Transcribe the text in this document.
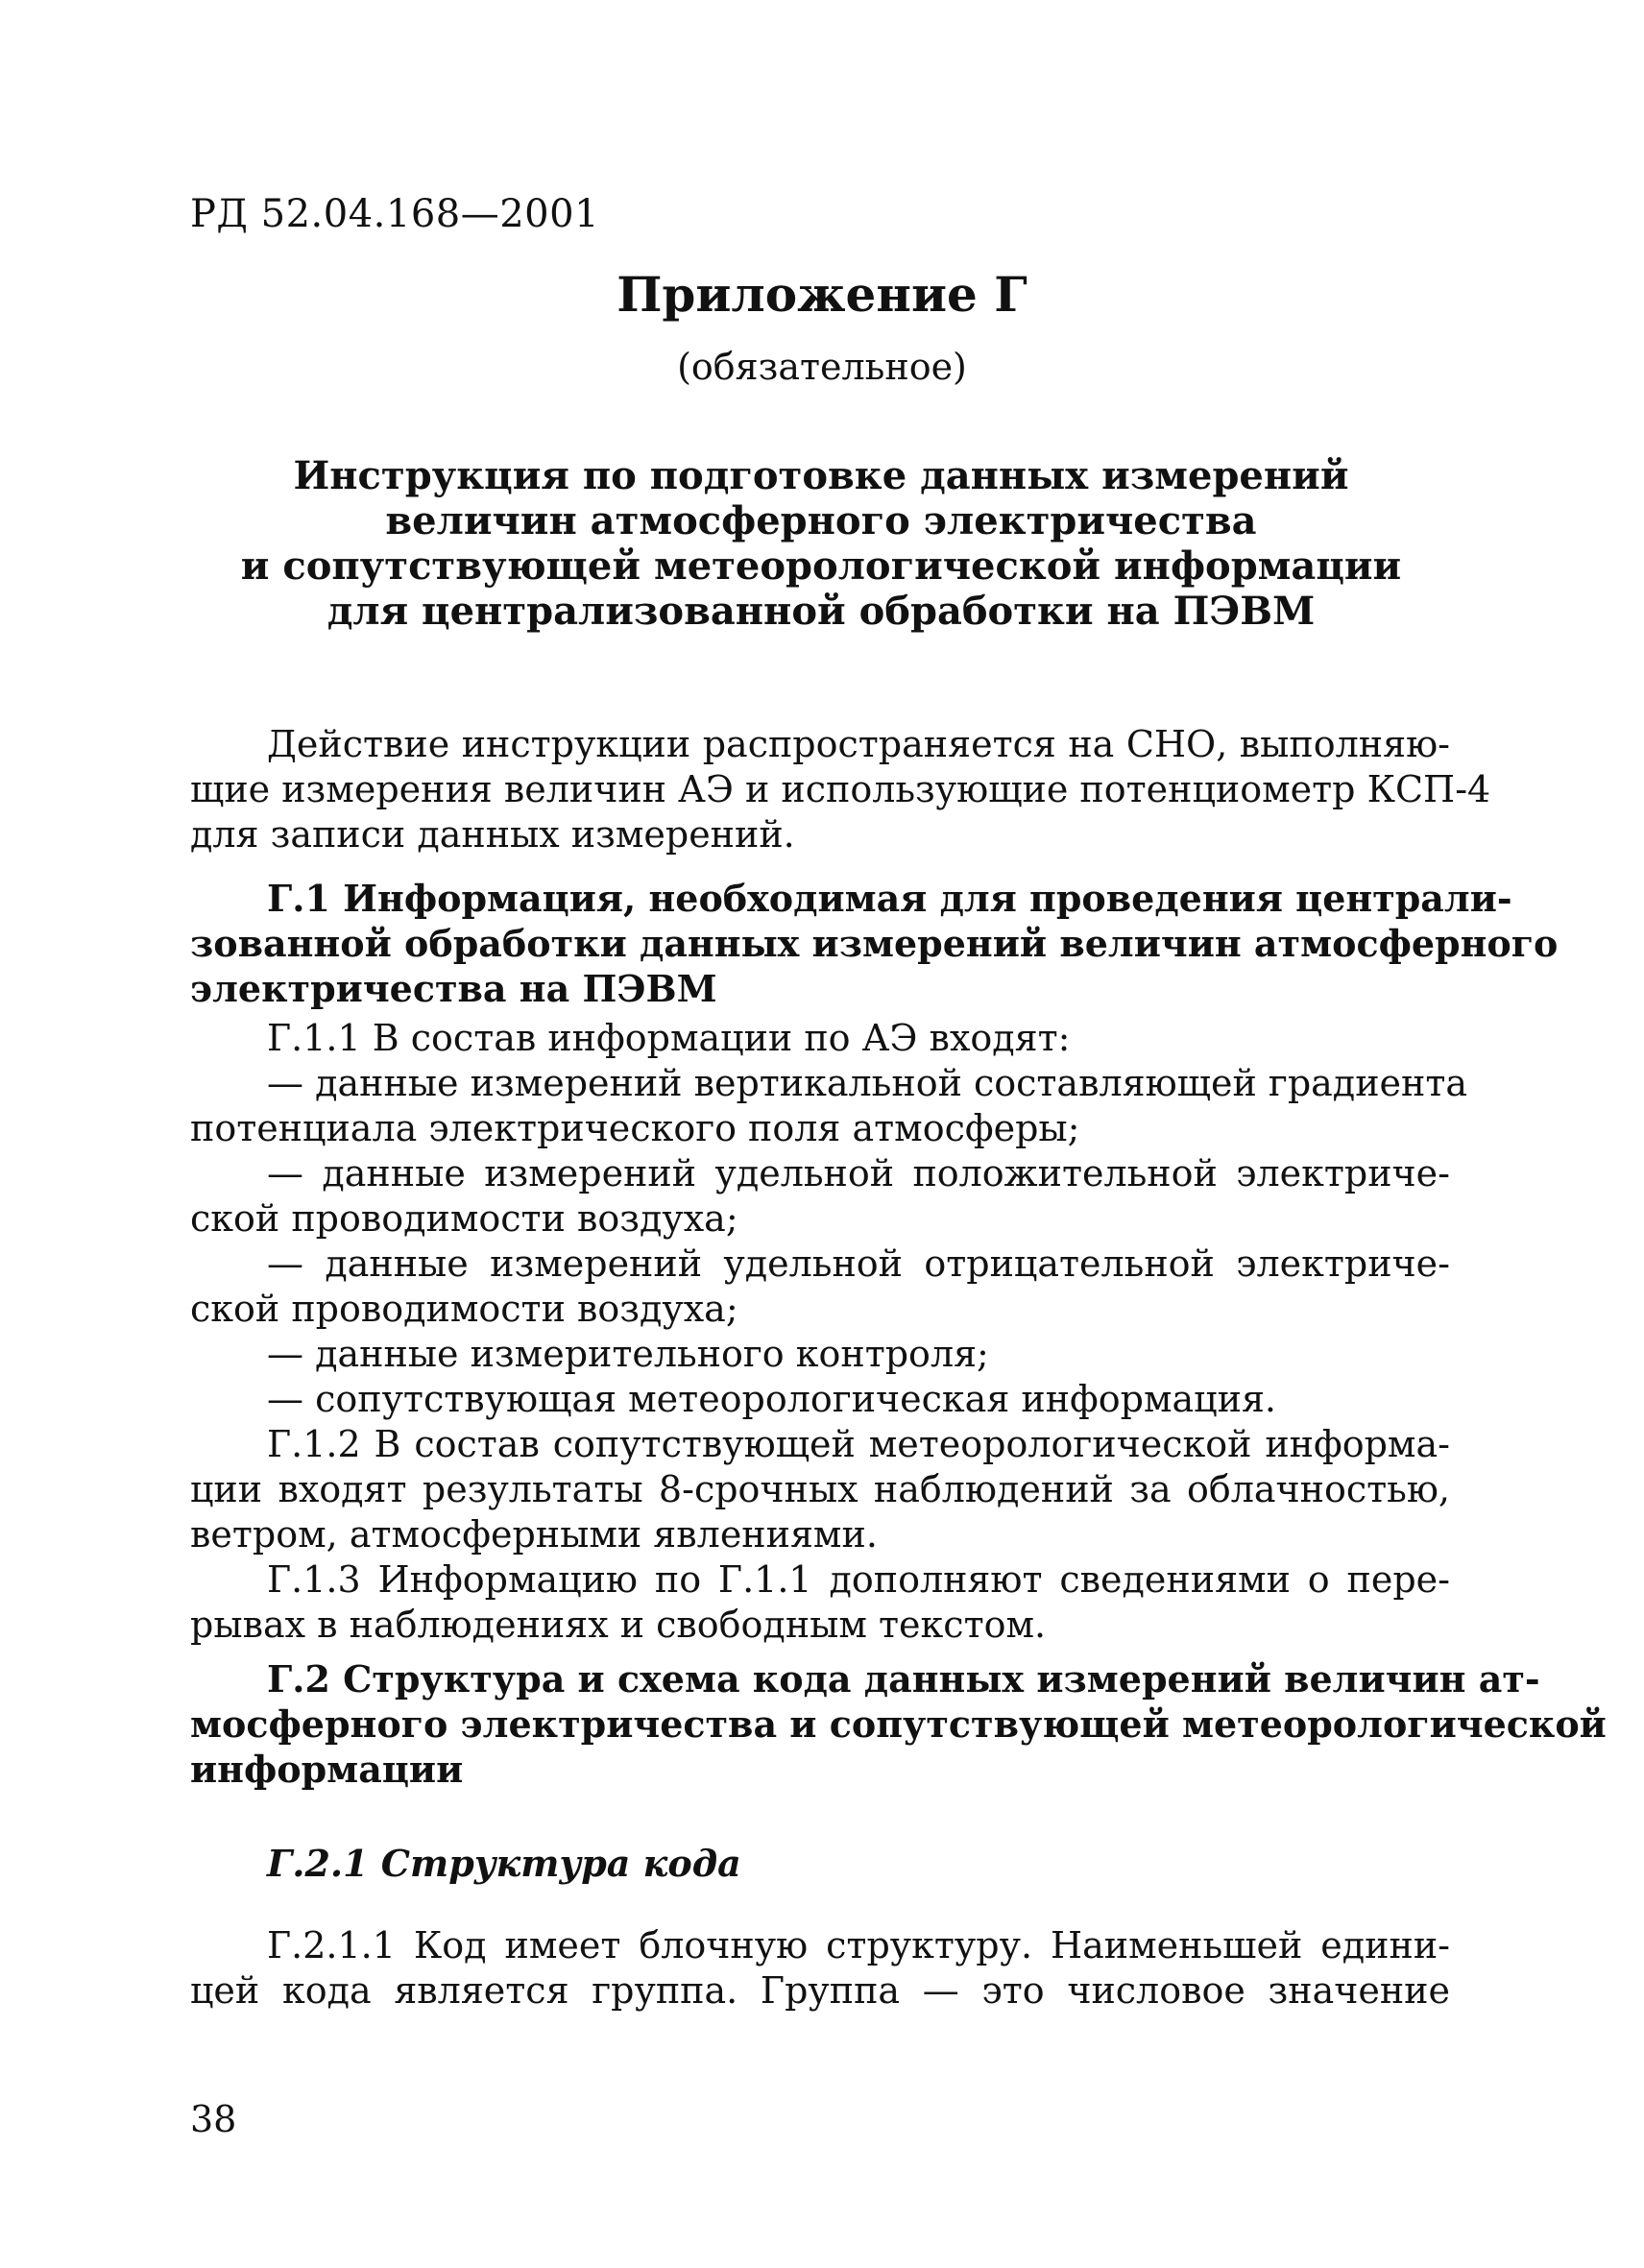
РД 52.04.168—2001
Приложение Г
(обязательное)
Инструкция по подготовке данных измерений
величин атмосферного электричества
и сопутствующей метеорологической информации
для централизованной обработки на ПЭВМ
Действие инструкции распространяется на СНО, выполняю-
щие измерения величин АЭ и использующие потенциометр КСП-4
для записи данных измерений.
Г.1 Информация, необходимая для проведения централи-
зованной обработки данных измерений величин атмосферного
электричества на ПЭВМ
Г.1.1 В состав информации по АЭ входят:
— данные измерений вертикальной составляющей градиента
потенциала электрического поля атмосферы;
— данные измерений удельной положительной электриче-
ской проводимости воздуха;
— данные измерений удельной отрицательной электриче-
ской проводимости воздуха;
— данные измерительного контроля;
— сопутствующая метеорологическая информация.
Г.1.2 В состав сопутствующей метеорологической информа-
ции входят результаты 8-срочных наблюдений за облачностью,
ветром, атмосферными явлениями.
Г.1.3 Информацию по Г.1.1 дополняют сведениями о пере-
рывах в наблюдениях и свободным текстом.
Г.2 Структура и схема кода данных измерений величин ат-
мосферного электричества и сопутствующей метеорологической
информации
Г.2.1 Структура кода
Г.2.1.1 Код имеет блочную структуру. Наименьшей едини-
цей кода является группа. Группа — это числовое значение
38
